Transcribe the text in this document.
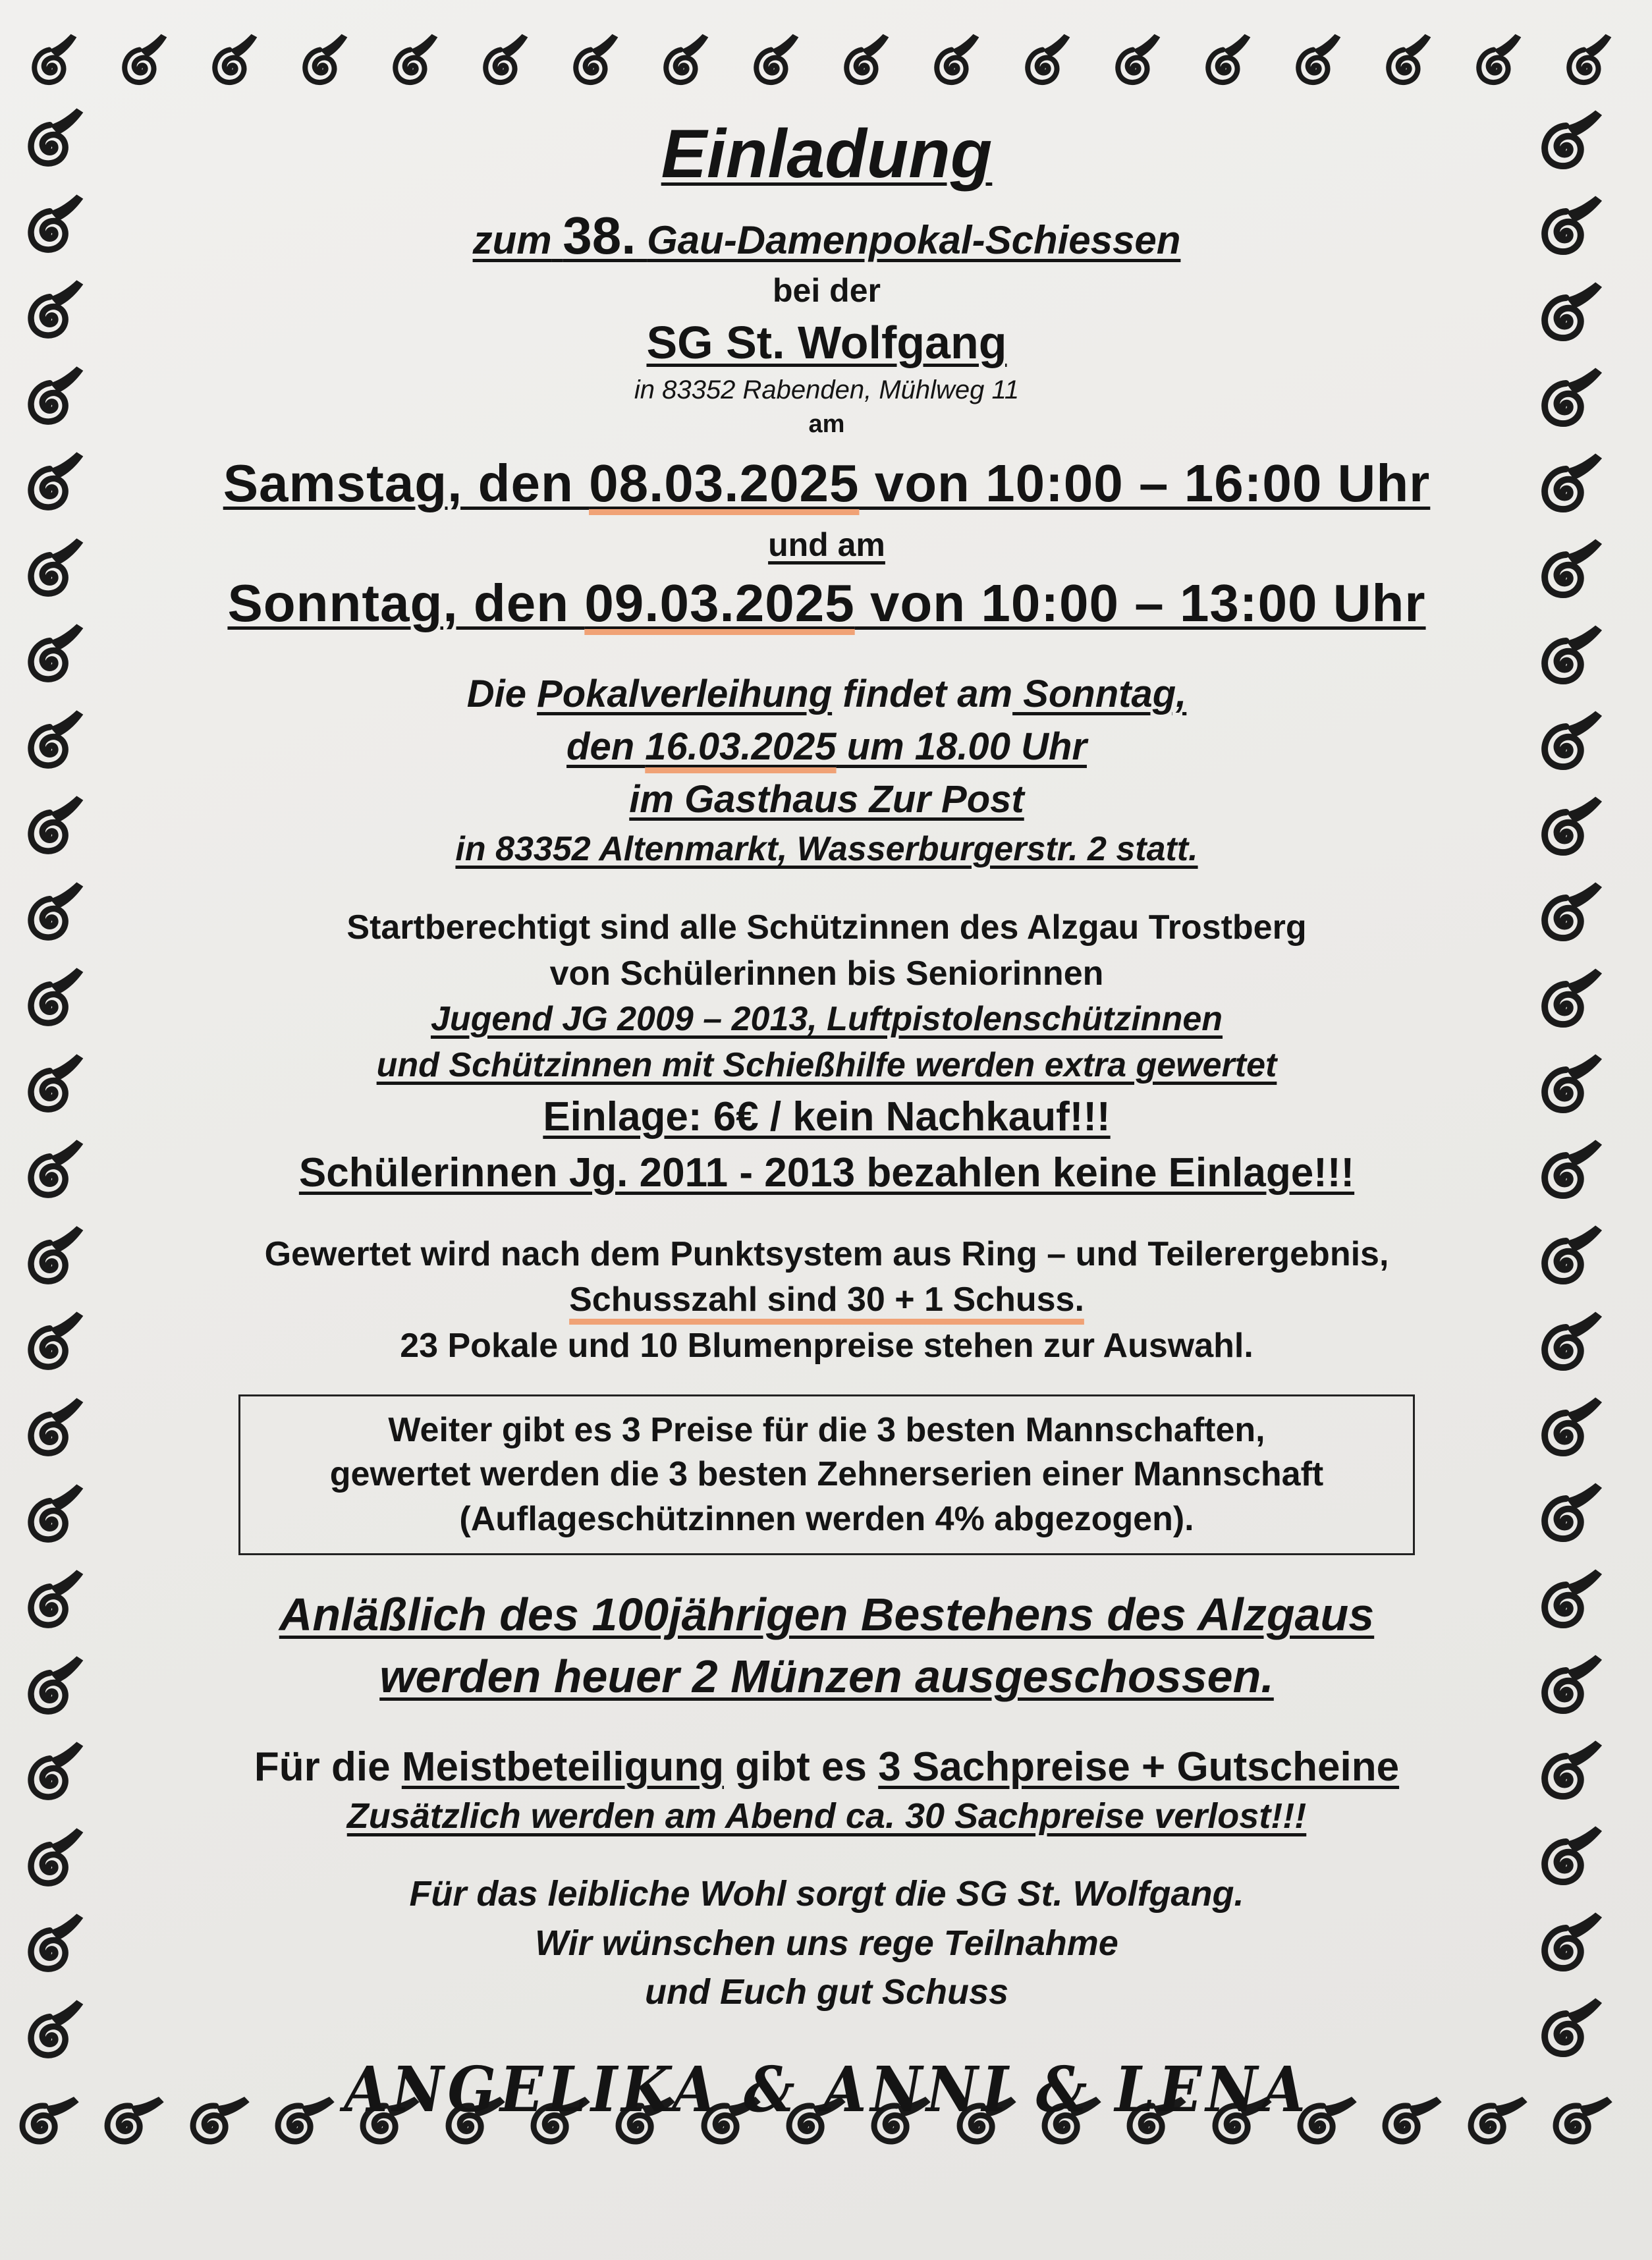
Einladung
zum 38. Gau-Damenpokal-Schiessen
bei der
SG St. Wolfgang
in 83352 Rabenden, Mühlweg 11
am
Samstag, den 08.03.2025 von 10:00 – 16:00 Uhr
und am
Sonntag, den 09.03.2025 von 10:00 – 13:00 Uhr
Die Pokalverleihung findet am Sonntag,
den 16.03.2025 um 18.00 Uhr
im Gasthaus Zur Post
in 83352 Altenmarkt, Wasserburgerstr. 2 statt.
Startberechtigt sind alle Schützinnen des Alzgau Trostberg
von Schülerinnen bis Seniorinnen
Jugend JG 2009 – 2013, Luftpistolenschützinnen
und Schützinnen mit Schießhilfe werden extra gewertet
Einlage: 6€ / kein Nachkauf!!!
Schülerinnen Jg. 2011 - 2013 bezahlen keine Einlage!!!
Gewertet wird nach dem Punktsystem aus Ring – und Teilerergebnis,
Schusszahl sind 30 + 1 Schuss.
23 Pokale und 10 Blumenpreise stehen zur Auswahl.
Weiter gibt es 3 Preise für die 3 besten Mannschaften,
gewertet werden die 3 besten Zehnerserien einer Mannschaft
(Auflageschützinnen werden 4% abgezogen).
Anläßlich des 100jährigen Bestehens des Alzgaus
werden heuer 2 Münzen ausgeschossen.
Für die Meistbeteiligung gibt es 3 Sachpreise + Gutscheine
Zusätzlich werden am Abend ca. 30 Sachpreise verlost!!!
Für das leibliche Wohl sorgt die SG St. Wolfgang.
Wir wünschen uns rege Teilnahme
und Euch gut Schuss
ANGELIKA & ANNI & LENA
